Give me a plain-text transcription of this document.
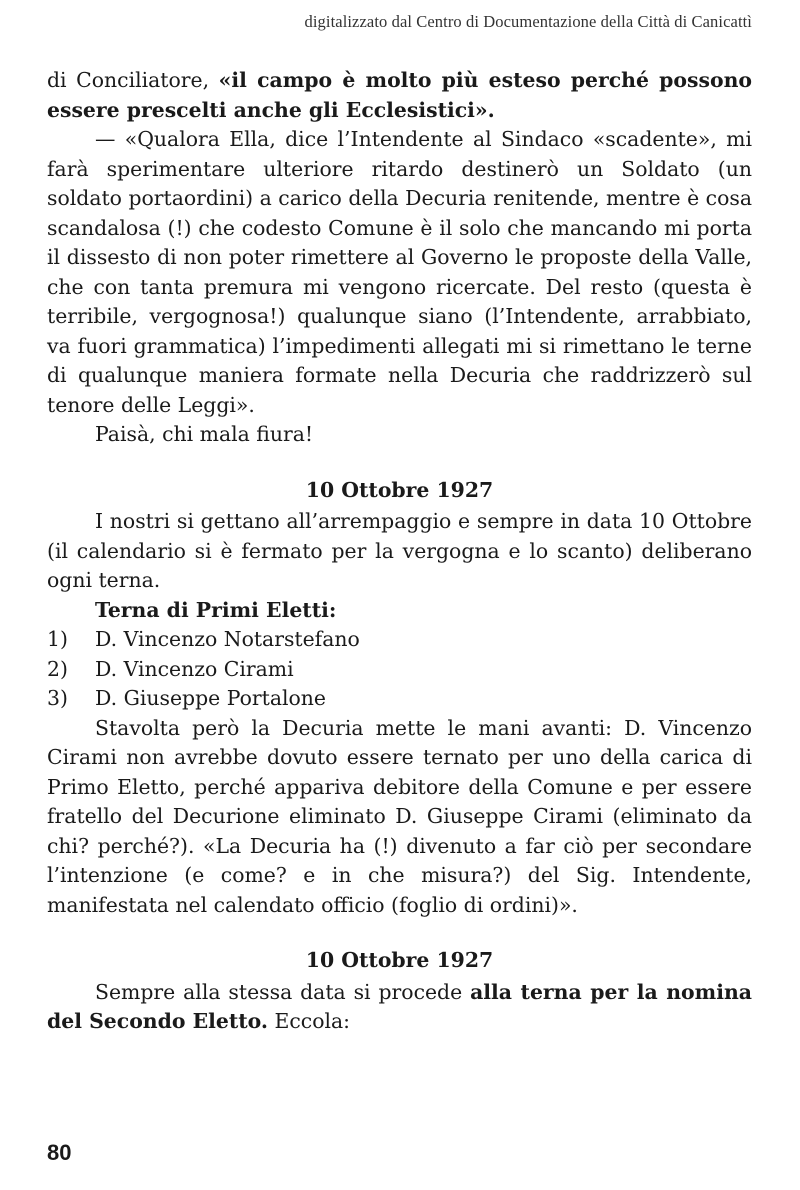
digitalizzato dal Centro di Documentazione della Città di Canicattì

di Conciliatore, «il campo è molto più esteso perché possono essere prescelti anche gli Ecclesistici».

— «Qualora Ella, dice l’Intendente al Sindaco «scadente», mi farà sperimentare ulteriore ritardo destinerò un Soldato (un soldato portaordini) a carico della Decuria renitende, mentre è cosa scandalosa (!) che codesto Comune è il solo che mancando mi porta il dissesto di non poter rimettere al Governo le proposte della Valle, che con tanta premura mi vengono ricercate. Del resto (questa è terribile, vergognosa!) qualunque siano (l’Intendente, arrabbiato, va fuori grammatica) l’impedimenti allegati mi si rimettano le terne di qualunque maniera formate nella Decuria che raddrizzerò sul tenore delle Leggi».

Paisà, chi mala fiura!

10 Ottobre 1927

I nostri si gettano all’arrempaggio e sempre in data 10 Ottobre (il calendario si è fermato per la vergogna e lo scanto) deliberano ogni terna.

Terna di Primi Eletti:

1)	D. Vincenzo Notarstefano
2)	D. Vincenzo Cirami
3)	D. Giuseppe Portalone

Stavolta però la Decuria mette le mani avanti: D. Vincenzo Cirami non avrebbe dovuto essere ternato per uno della carica di Primo Eletto, perché appariva debitore della Comune e per essere fratello del Decurione eliminato D. Giuseppe Cirami (eliminato da chi? perché?). «La Decuria ha (!) divenuto a far ciò per secondare l’intenzione (e come? e in che misura?) del Sig. Intendente, manifestata nel calendato officio (foglio di ordini)».

10 Ottobre 1927

Sempre alla stessa data si procede alla terna per la nomina del Secondo Eletto. Eccola:

80
